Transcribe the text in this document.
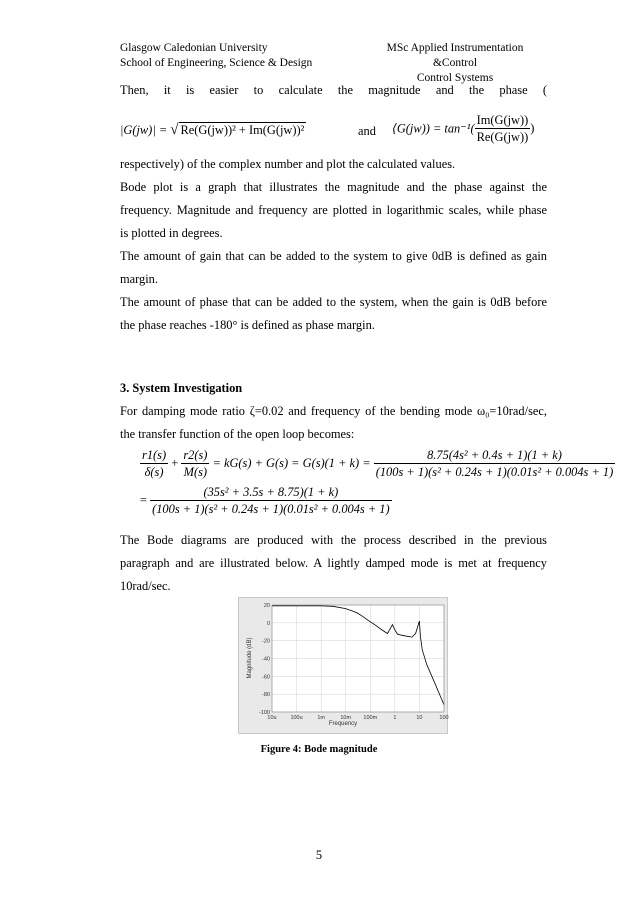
Glasgow Caledonian University
School of Engineering, Science & Design
MSc Applied Instrumentation &Control
Control Systems
Then,  it  is  easier  to  calculate  the  magnitude  and  the  phase  (
|G(jw)| = √ Re(G(jw))² + Im(G(jw))²	and ⟨G(jw)) = $\tan^{-1}( \frac{Im(G(jw))}{Re(G(jw))}$ )
respectively) of the complex number and plot the calculated values.
Bode plot is a graph that illustrates the magnitude and the phase against the
frequency. Magnitude and frequency are plotted in logarithmic scales, while phase
is plotted in degrees.
The amount of gain that can be added to the system to give 0dB is defined as gain
margin.
The amount of phase that can be added to the system, when the gain is 0dB before
the phase reaches -180° is defined as phase margin.
3. System Investigation
For damping mode ratio ζ=0.02 and frequency of the bending mode ω₀=10rad/sec,
the transfer function of the open loop becomes:
$\frac{r1(s)}{\delta(s)} + \frac{r2(s)}{M(s)} = kG(s) + G(s) = G(s)(1 + k) = \frac{\text{8.75(4s² + 0.4s + 1)(1 + k)}}{\text{(100s + 1)(s² + 0.24s + 1)(0.01s² + 0.004s + 1)}}$
= $\frac{\text{(35s² + 3.5s + 8.75)(1 + k)}}{\text{(100s + 1)(s² + 0.24s + 1)(0.01s² + 0.004s + 1)}}$
The Bode diagrams are produced with the process described in the previous
paragraph and are illustrated below. A lightly damped mode is met at frequency
10rad/sec.
20
0
-20
-40
-60
-80
-100
10u	100u	1m	10m 100m	1	10	100
Frequency
Magnitude (dB)
Figure 4: Bode magnitude
5
